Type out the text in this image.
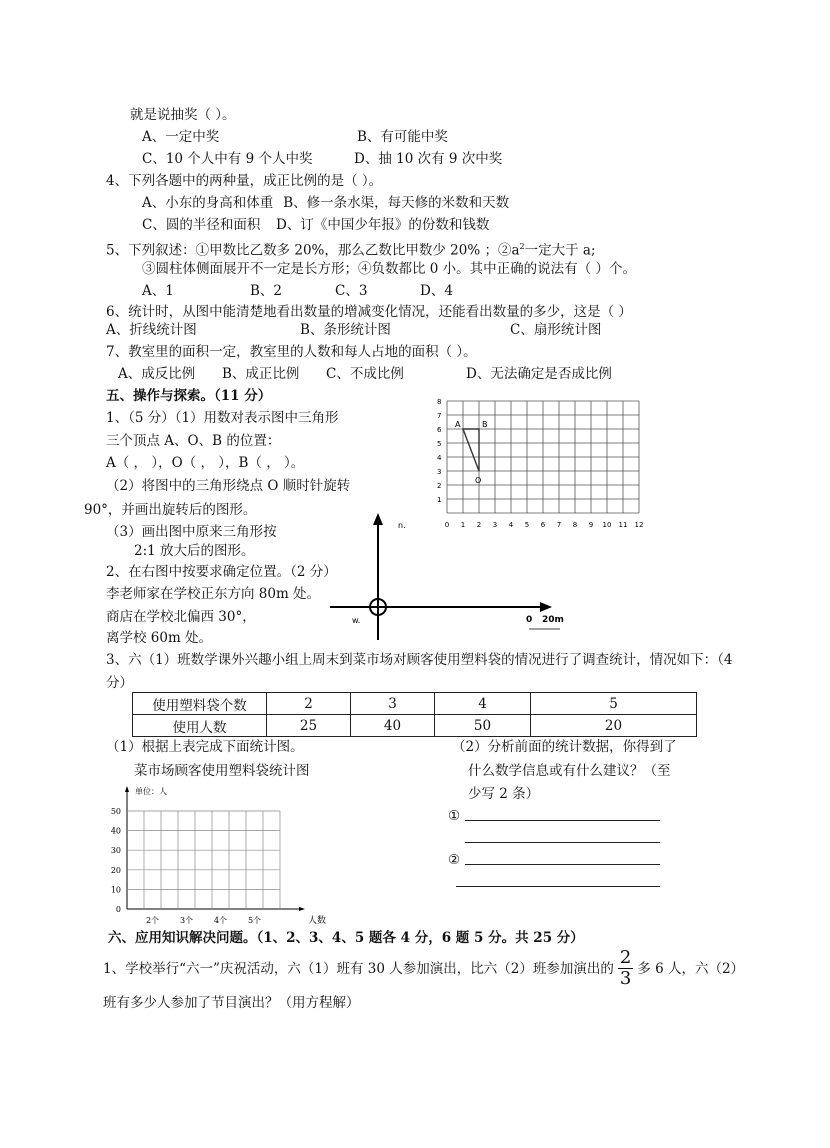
就是说抽奖（ ）。
A、一定中奖	B、有可能中奖
C、10 个人中有 9 个人中奖	D、抽 10 次有 9 次中奖
4、下列各题中的两种量，成正比例的是（ ）。
A、小东的身高和体重 B、修一条水渠，每天修的米数和天数
C、圆的半径和面积	D、订《中国少年报》的份数和钱数
5、下列叙述：①甲数比乙数多 20%，那么乙数比甲数少 20% ；$②a^2$一定大于 a;
③圆柱体侧面展开不一定是长方形；④负数都比 0 小。其中正确的说法有（ ）个。
A、1	B、2	C、3	D、4
6、统计时，从图中能清楚地看出数量的增减变化情况，还能看出数量的多少，这是（ ）
A、折线统计图	B、条形统计图	C、扇形统计图
7、教室里的面积一定，教室里的人数和每人占地的面积（ ）。
A、成反比例	B、成正比例	C、不成比例	D、无法确定是否成比例
五、操作与探索。（11 分）
1、（5 分）（1）用数对表示图中三角形
三个顶点 A、O、B 的位置：
A（ ， ），O（ ， ），B（ ， ）。
（2）将图中的三角形绕点 O 顺时针旋转
90°，并画出旋转后的图形。
（3）画出图中原来三角形按
2:1 放大后的图形。
2、在右图中按要求确定位置。（2 分）
李老师家在学校正东方向 80m 处。
商店在学校北偏西 30°，
离学校 60m 处。
0 1 2 3 4 5 6 7 8 9 10 11 12
1
2
3
4
5
6
7
8
A	B
O
n.
w.	0 20m
3、六（1）班数学课外兴趣小组上周末到菜市场对顾客使用塑料袋的情况进行了调查统计，情况如下：（4
分）
使用塑料袋个数	2	3	4	5
使用人数	25	40	50	20
（1）根据上表完成下面统计图。
菜市场顾客使用塑料袋统计图
0
10
20
30
40
50
2个	3个	4个	5个	人数
单位：人
（2）分析前面的统计数据，你得到了
什么数学信息或有什么建议？（至
少写 2 条）
①
②
六、应用知识解决问题。（1、2、3、4、5 题各 4 分，6 题 5 分。共 25 分）
1、学校举行“六一”庆祝活动，六（1）班有 30 人参加演出，比六（2）班参加演出的 $\frac{2}{3}$ 多 6 人，六（2）
班有多少人参加了节目演出？（用方程解）
